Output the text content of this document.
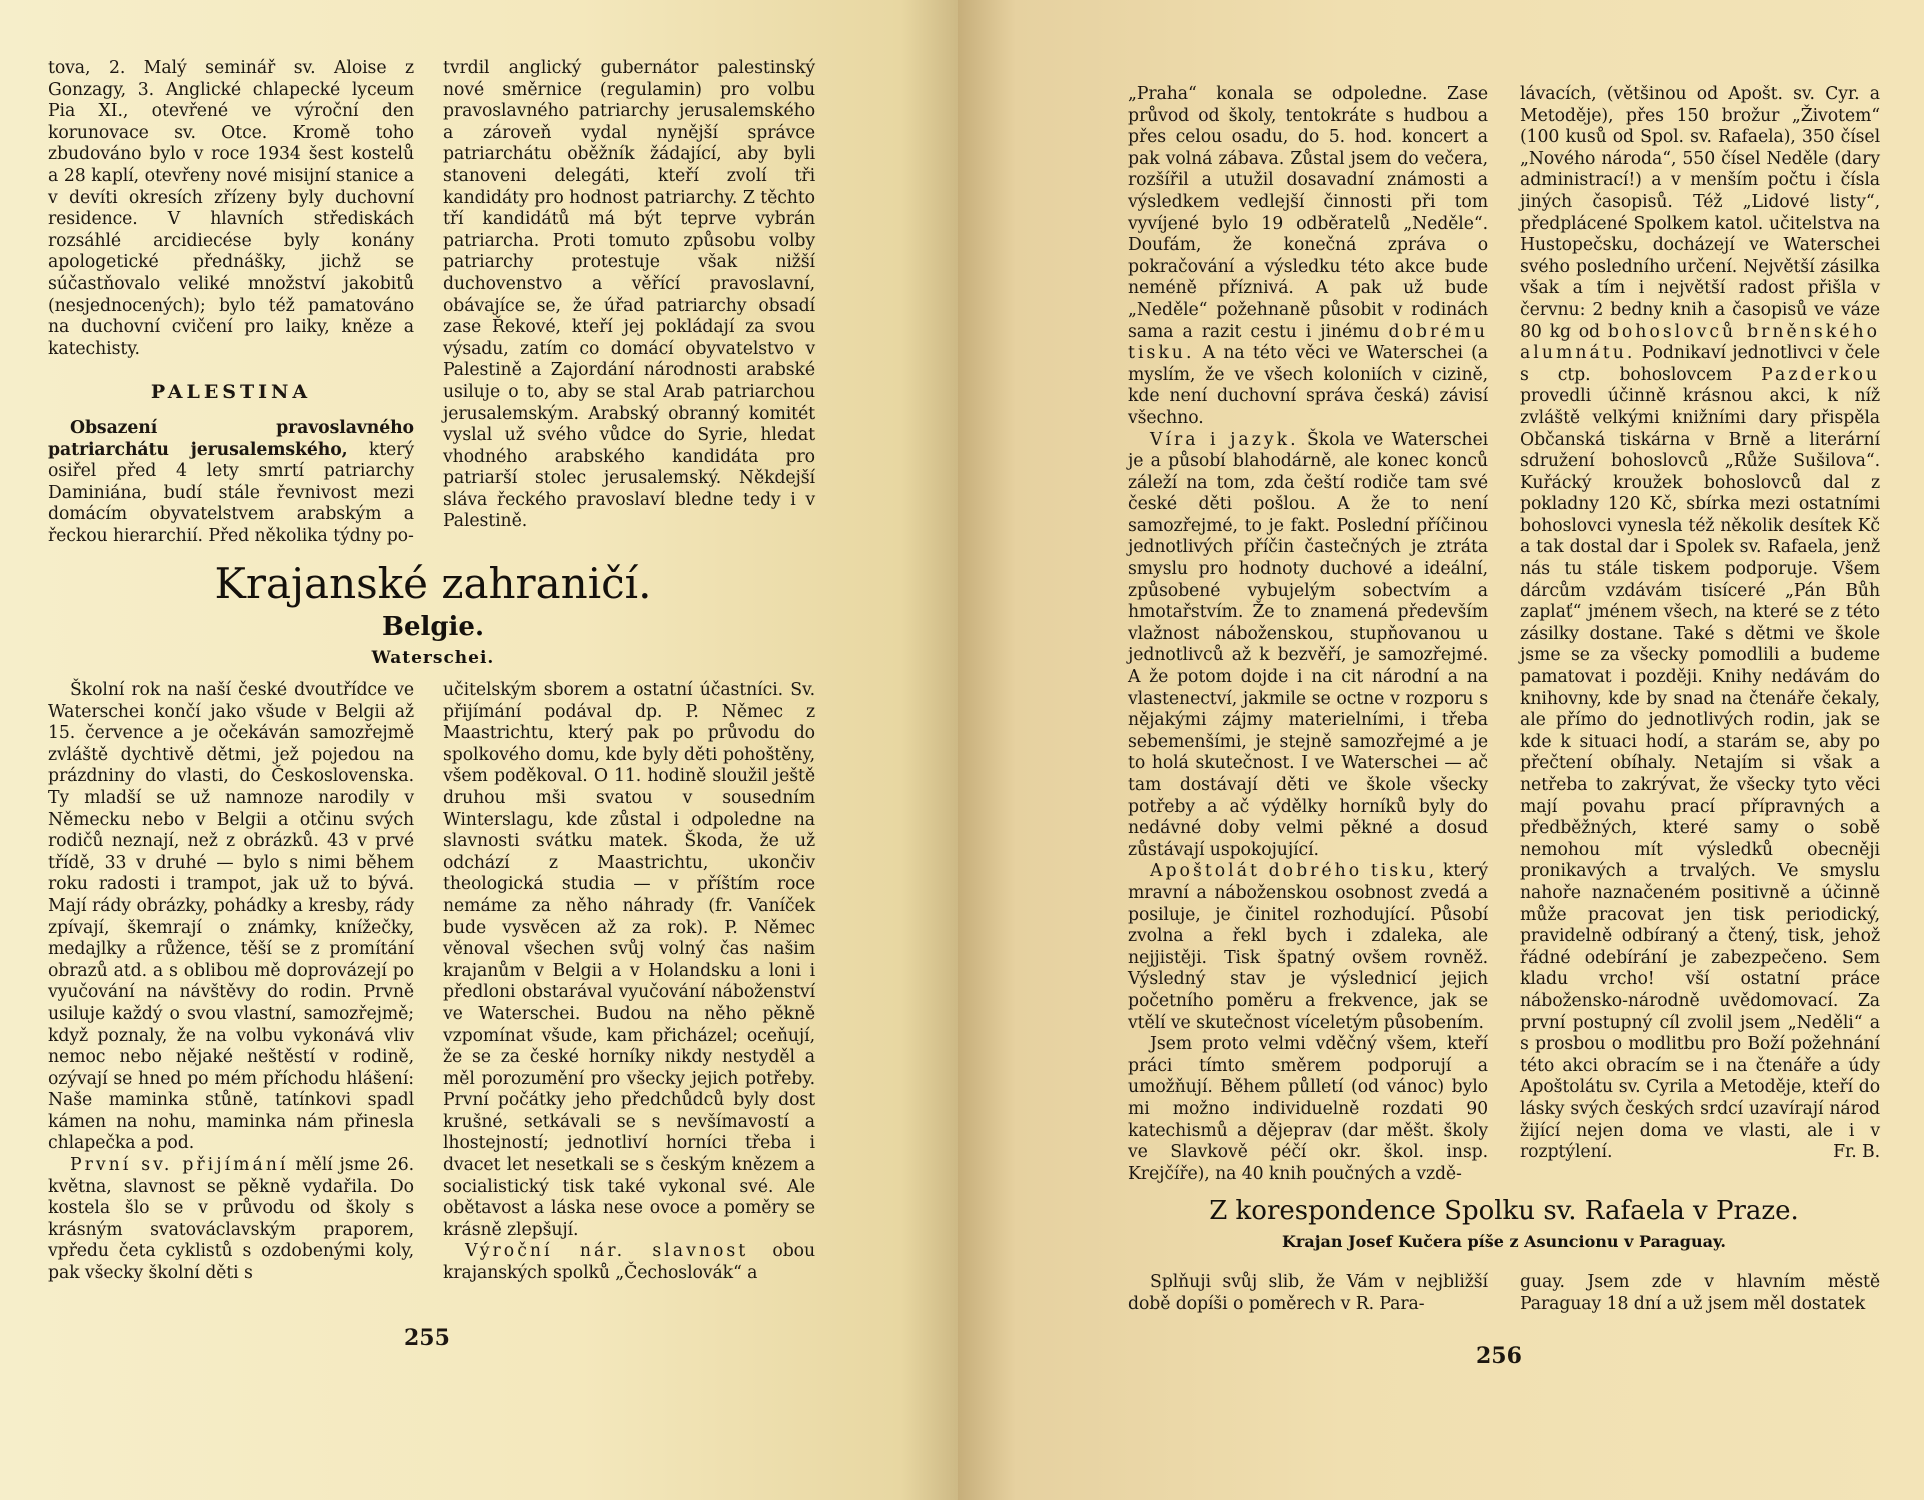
tova, 2. Malý seminář sv. Aloise z Gonzagy, 3. Anglické chlapecké lyceum Pia XI., otevřené ve výroční den korunovace sv. Otce. Kromě toho zbudováno bylo v roce 1934 šest kostelů a 28 kaplí, otevřeny nové misijní stanice a v devíti okresích zřízeny byly duchovní residence. V hlavních střediskách rozsáhlé arcidiecése byly konány apologetické přednášky, jichž se súčastňovalo veliké množství jakobitů (nesjednocených); bylo též pamatováno na duchovní cvičení pro laiky, kněze a katechisty.

PALESTINA

Obsazení pravoslavného patriarchátu jerusalemského, který osiřel před 4 lety smrtí patriarchy Daminiána, budí stále řevnivost mezi domácím obyvatelstvem arabským a řeckou hierarchií. Před několika týdny po-

tvrdil anglický gubernátor palestinský nové směrnice (regulamin) pro volbu pravoslavného patriarchy jerusalemského a zároveň vydal nynější správce patriarchátu oběžník žádající, aby byli stanoveni delegáti, kteří zvolí tři kandidáty pro hodnost patriarchy. Z těchto tří kandidátů má být teprve vybrán patriarcha. Proti tomuto způsobu volby patriarchy protestuje však nižší duchovenstvo a věřící pravoslavní, obávajíce se, že úřad patriarchy obsadí zase Řekové, kteří jej pokládají za svou výsadu, zatím co domácí obyvatelstvo v Palestině a Zajordání národnosti arabské usiluje o to, aby se stal Arab patriarchou jerusalemským. Arabský obranný komitét vyslal už svého vůdce do Syrie, hledat vhodného arabského kandidáta pro patriarší stolec jerusalemský. Někdejší sláva řeckého pravoslaví bledne tedy i v Palestině.

Krajanské zahraničí.
Belgie.
Waterschei.

Školní rok na naší české dvoutřídce ve Waterschei končí jako všude v Belgii až 15. července a je očekáván samozřejmě zvláště dychtivě dětmi, jež pojedou na prázdniny do vlasti, do Československa. Ty mladší se už namnoze narodily v Německu nebo v Belgii a otčinu svých rodičů neznají, než z obrázků. 43 v prvé třídě, 33 v druhé — bylo s nimi během roku radosti i trampot, jak už to bývá. Mají rády obrázky, pohádky a kresby, rády zpívají, škemrají o známky, knížečky, medajlky a růžence, těší se z promítání obrazů atd. a s oblibou mě doprovázejí po vyučování na návštěvy do rodin. Prvně usiluje každý o svou vlastní, samozřejmě; když poznaly, že na volbu vykonává vliv nemoc nebo nějaké neštěstí v rodině, ozývají se hned po mém příchodu hlášení: Naše maminka stůně, tatínkovi spadl kámen na nohu, maminka nám přinesla chlapečka a pod.

První sv. přijímání mělí jsme 26. května, slavnost se pěkně vydařila. Do kostela šlo se v průvodu od školy s krásným svatováclavským praporem, vpředu četa cyklistů s ozdobenými koly, pak všecky školní děti s

učitelským sborem a ostatní účastníci. Sv. přijímání podával dp. P. Němec z Maastrichtu, který pak po průvodu do spolkového domu, kde byly děti pohoštěny, všem poděkoval. O 11. hodině sloužil ještě druhou mši svatou v sousedním Winterslagu, kde zůstal i odpoledne na slavnosti svátku matek. Škoda, že už odchází z Maastrichtu, ukončiv theologická studia — v příštím roce nemáme za něho náhrady (fr. Vaníček bude vysvěcen až za rok). P. Němec věnoval všechen svůj volný čas našim krajanům v Belgii a v Holandsku a loni i předloni obstarával vyučování náboženství ve Waterschei. Budou na něho pěkně vzpomínat všude, kam přicházel; oceňují, že se za české horníky nikdy nestyděl a měl porozumění pro všecky jejich potřeby. První počátky jeho předchůdců byly dost krušné, setkávali se s nevšímavostí a lhostejností; jednotliví horníci třeba i dvacet let nesetkali se s českým knězem a socialistický tisk také vykonal své. Ale obětavost a láska nese ovoce a poměry se krásně zlepšují.

Výroční nár. slavnost obou krajanských spolků „Čechoslovák“ a

255

„Praha“ konala se odpoledne. Zase průvod od školy, tentokráte s hudbou a přes celou osadu, do 5. hod. koncert a pak volná zábava. Zůstal jsem do večera, rozšířil a utužil dosavadní známosti a výsledkem vedlejší činnosti při tom vyvíjené bylo 19 odběratelů „Neděle“. Doufám, že konečná zpráva o pokračování a výsledku této akce bude neméně příznivá. A pak už bude „Neděle“ požehnaně působit v rodinách sama a razit cestu i jinému dobrému tisku. A na této věci ve Waterschei (a myslím, že ve všech koloniích v cizině, kde není duchovní správa česká) závisí všechno.

Víra i jazyk. Škola ve Waterschei je a působí blahodárně, ale konec konců záleží na tom, zda čeští rodiče tam své české děti pošlou. A že to není samozřejmé, to je fakt. Poslední příčinou jednotlivých příčin častečných je ztráta smyslu pro hodnoty duchové a ideální, způsobené vybujelým sobectvím a hmotařstvím. Že to znamená především vlažnost náboženskou, stupňovanou u jednotlivců až k bezvěří, je samozřejmé. A že potom dojde i na cit národní a na vlastenectví, jakmile se octne v rozporu s nějakými zájmy materielními, i třeba sebemenšími, je stejně samozřejmé a je to holá skutečnost. I ve Waterschei — ač tam dostávají děti ve škole všecky potřeby a ač výdělky horníků byly do nedávné doby velmi pěkné a dosud zůstávají uspokojující.

Apoštolát dobrého tisku, který mravní a náboženskou osobnost zvedá a posiluje, je činitel rozhodující. Působí zvolna a řekl bych i zdaleka, ale nejjistěji. Tisk špatný ovšem rovněž. Výsledný stav je výslednicí jejich početního poměru a frekvence, jak se vtělí ve skutečnost víceletým působením.

Jsem proto velmi vděčný všem, kteří práci tímto směrem podporují a umožňují. Během půlletí (od vánoc) bylo mi možno individuelně rozdati 90 katechismů a dějeprav (dar měšt. školy ve Slavkově péčí okr. škol. insp. Krejčíře), na 40 knih poučných a vzdě-

lávacích, (většinou od Apošt. sv. Cyr. a Metoděje), přes 150 brožur „Životem“ (100 kusů od Spol. sv. Rafaela), 350 čísel „Nového národa“, 550 čísel Neděle (dary administrací!) a v menším počtu i čísla jiných časopisů. Též „Lidové listy“, předplácené Spolkem katol. učitelstva na Hustopečsku, docházejí ve Waterschei svého posledního určení. Největší zásilka však a tím i největší radost přišla v červnu: 2 bedny knih a časopisů ve váze 80 kg od bohoslovců brněnského alumnátu. Podnikaví jednotlivci v čele s ctp. bohoslovcem Pazderkou provedli účinně krásnou akci, k níž zvláště velkými knižními dary přispěla Občanská tiskárna v Brně a literární sdružení bohoslovců „Růže Sušilova“. Kuřácký kroužek bohoslovců dal z pokladny 120 Kč, sbírka mezi ostatními bohoslovci vynesla též několik desítek Kč a tak dostal dar i Spolek sv. Rafaela, jenž nás tu stále tiskem podporuje. Všem dárcům vzdávám tisíceré „Pán Bůh zaplať“ jménem všech, na které se z této zásilky dostane. Také s dětmi ve škole jsme se za všecky pomodlili a budeme pamatovat i později. Knihy nedávám do knihovny, kde by snad na čtenáře čekaly, ale přímo do jednotlivých rodin, jak se kde k situaci hodí, a starám se, aby po přečtení obíhaly. Netajím si však a netřeba to zakrývat, že všecky tyto věci mají povahu prací přípravných a předběžných, které samy o sobě nemohou mít výsledků obecněji pronikavých a trvalých. Ve smyslu nahoře naznačeném positivně a účinně může pracovat jen tisk periodický, pravidelně odbíraný a čtený, tisk, jehož řádné odebírání je zabezpečeno. Sem kladu vrcho! vší ostatní práce nábožensko-národně uvědomovací. Za první postupný cíl zvolil jsem „Neděli“ a s prosbou o modlitbu pro Boží požehnání této akci obracím se i na čtenáře a údy Apoštolátu sv. Cyrila a Metoděje, kteří do lásky svých českých srdcí uzavírají národ žijící nejen doma ve vlasti, ale i v rozptýlení.	Fr. B.

Z korespondence Spolku sv. Rafaela v Praze.
Krajan Josef Kučera píše z Asuncionu v Paraguay.

Splňuji svůj slib, že Vám v nejbližší době dopíši o poměrech v R. Para-

guay. Jsem zde v hlavním městě Paraguay 18 dní a už jsem měl dostatek

256
